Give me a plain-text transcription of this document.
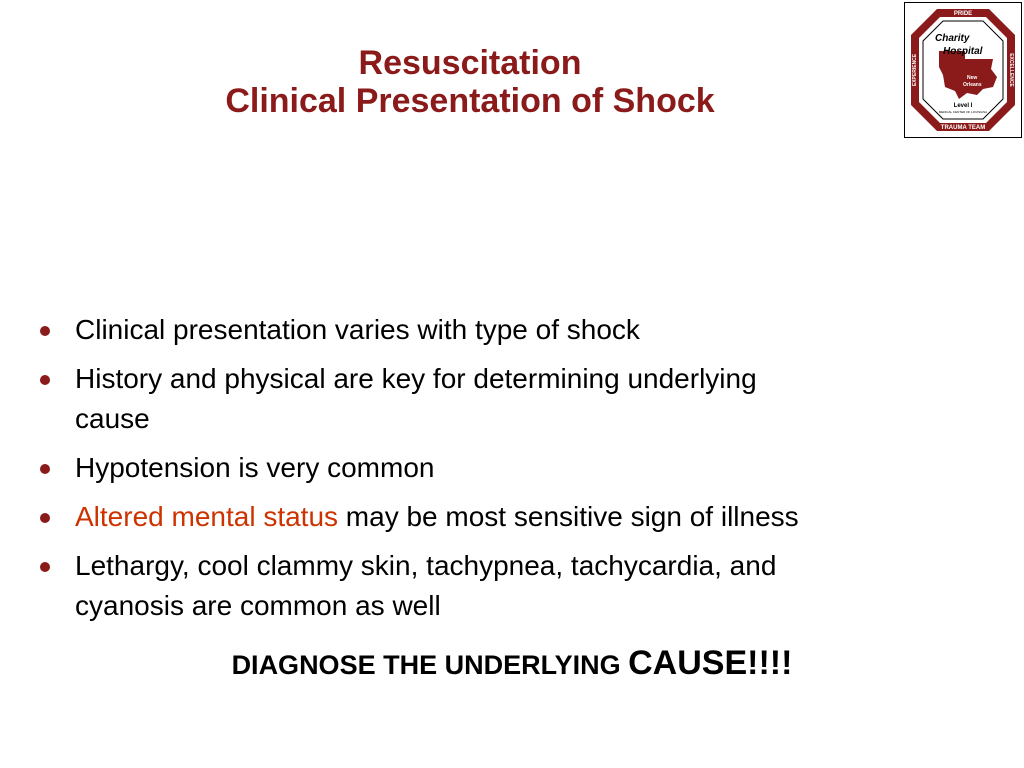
Resuscitation
Clinical Presentation of Shock
PRIDE
TRAUMA TEAM
EXPERIENCE	EXCELLENCE
Charity
Hospital
New
Orleans
Level I
MEDICAL CENTER OF LOUISIANA
Clinical presentation varies with type of shock
History and physical are key for determining underlying
cause
Hypotension is very common
Altered mental status may be most sensitive sign of illness
Lethargy, cool clammy skin, tachypnea, tachycardia, and
cyanosis are common as well
DIAGNOSE THE UNDERLYING CAUSE!!!!
